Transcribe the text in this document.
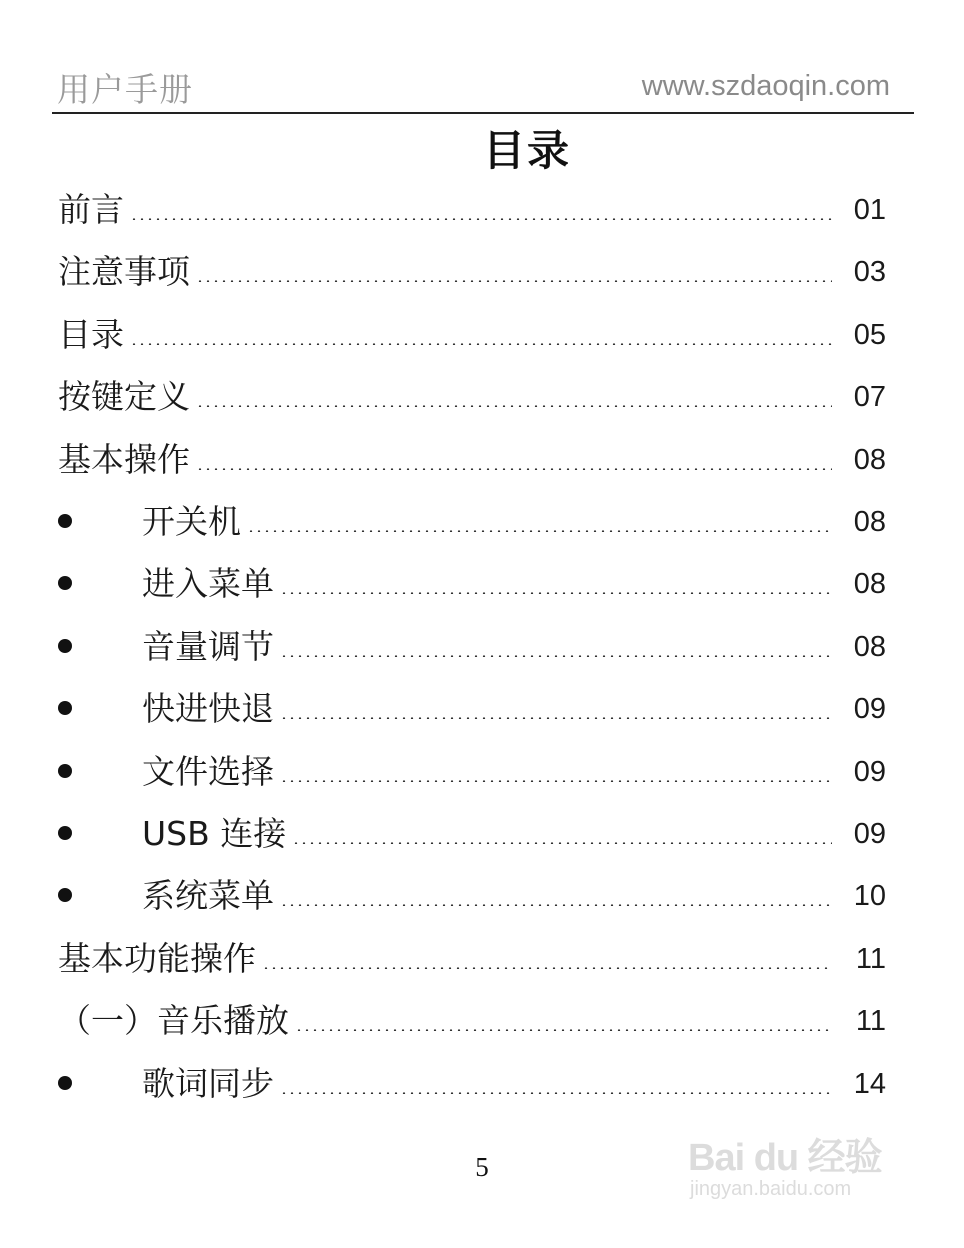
用户手册	www.szdaoqin.com
目录
前言	01
注意事项	03
目录	05
按键定义	07
基本操作	08
开关机	08
进入菜单	08
音量调节	08
快进快退	09
文件选择	09
USB 连接	09
系统菜单	10
基本功能操作	11
（一）音乐播放	11
歌词同步	14
5	Bai du 经验
jingyan.baidu.com
